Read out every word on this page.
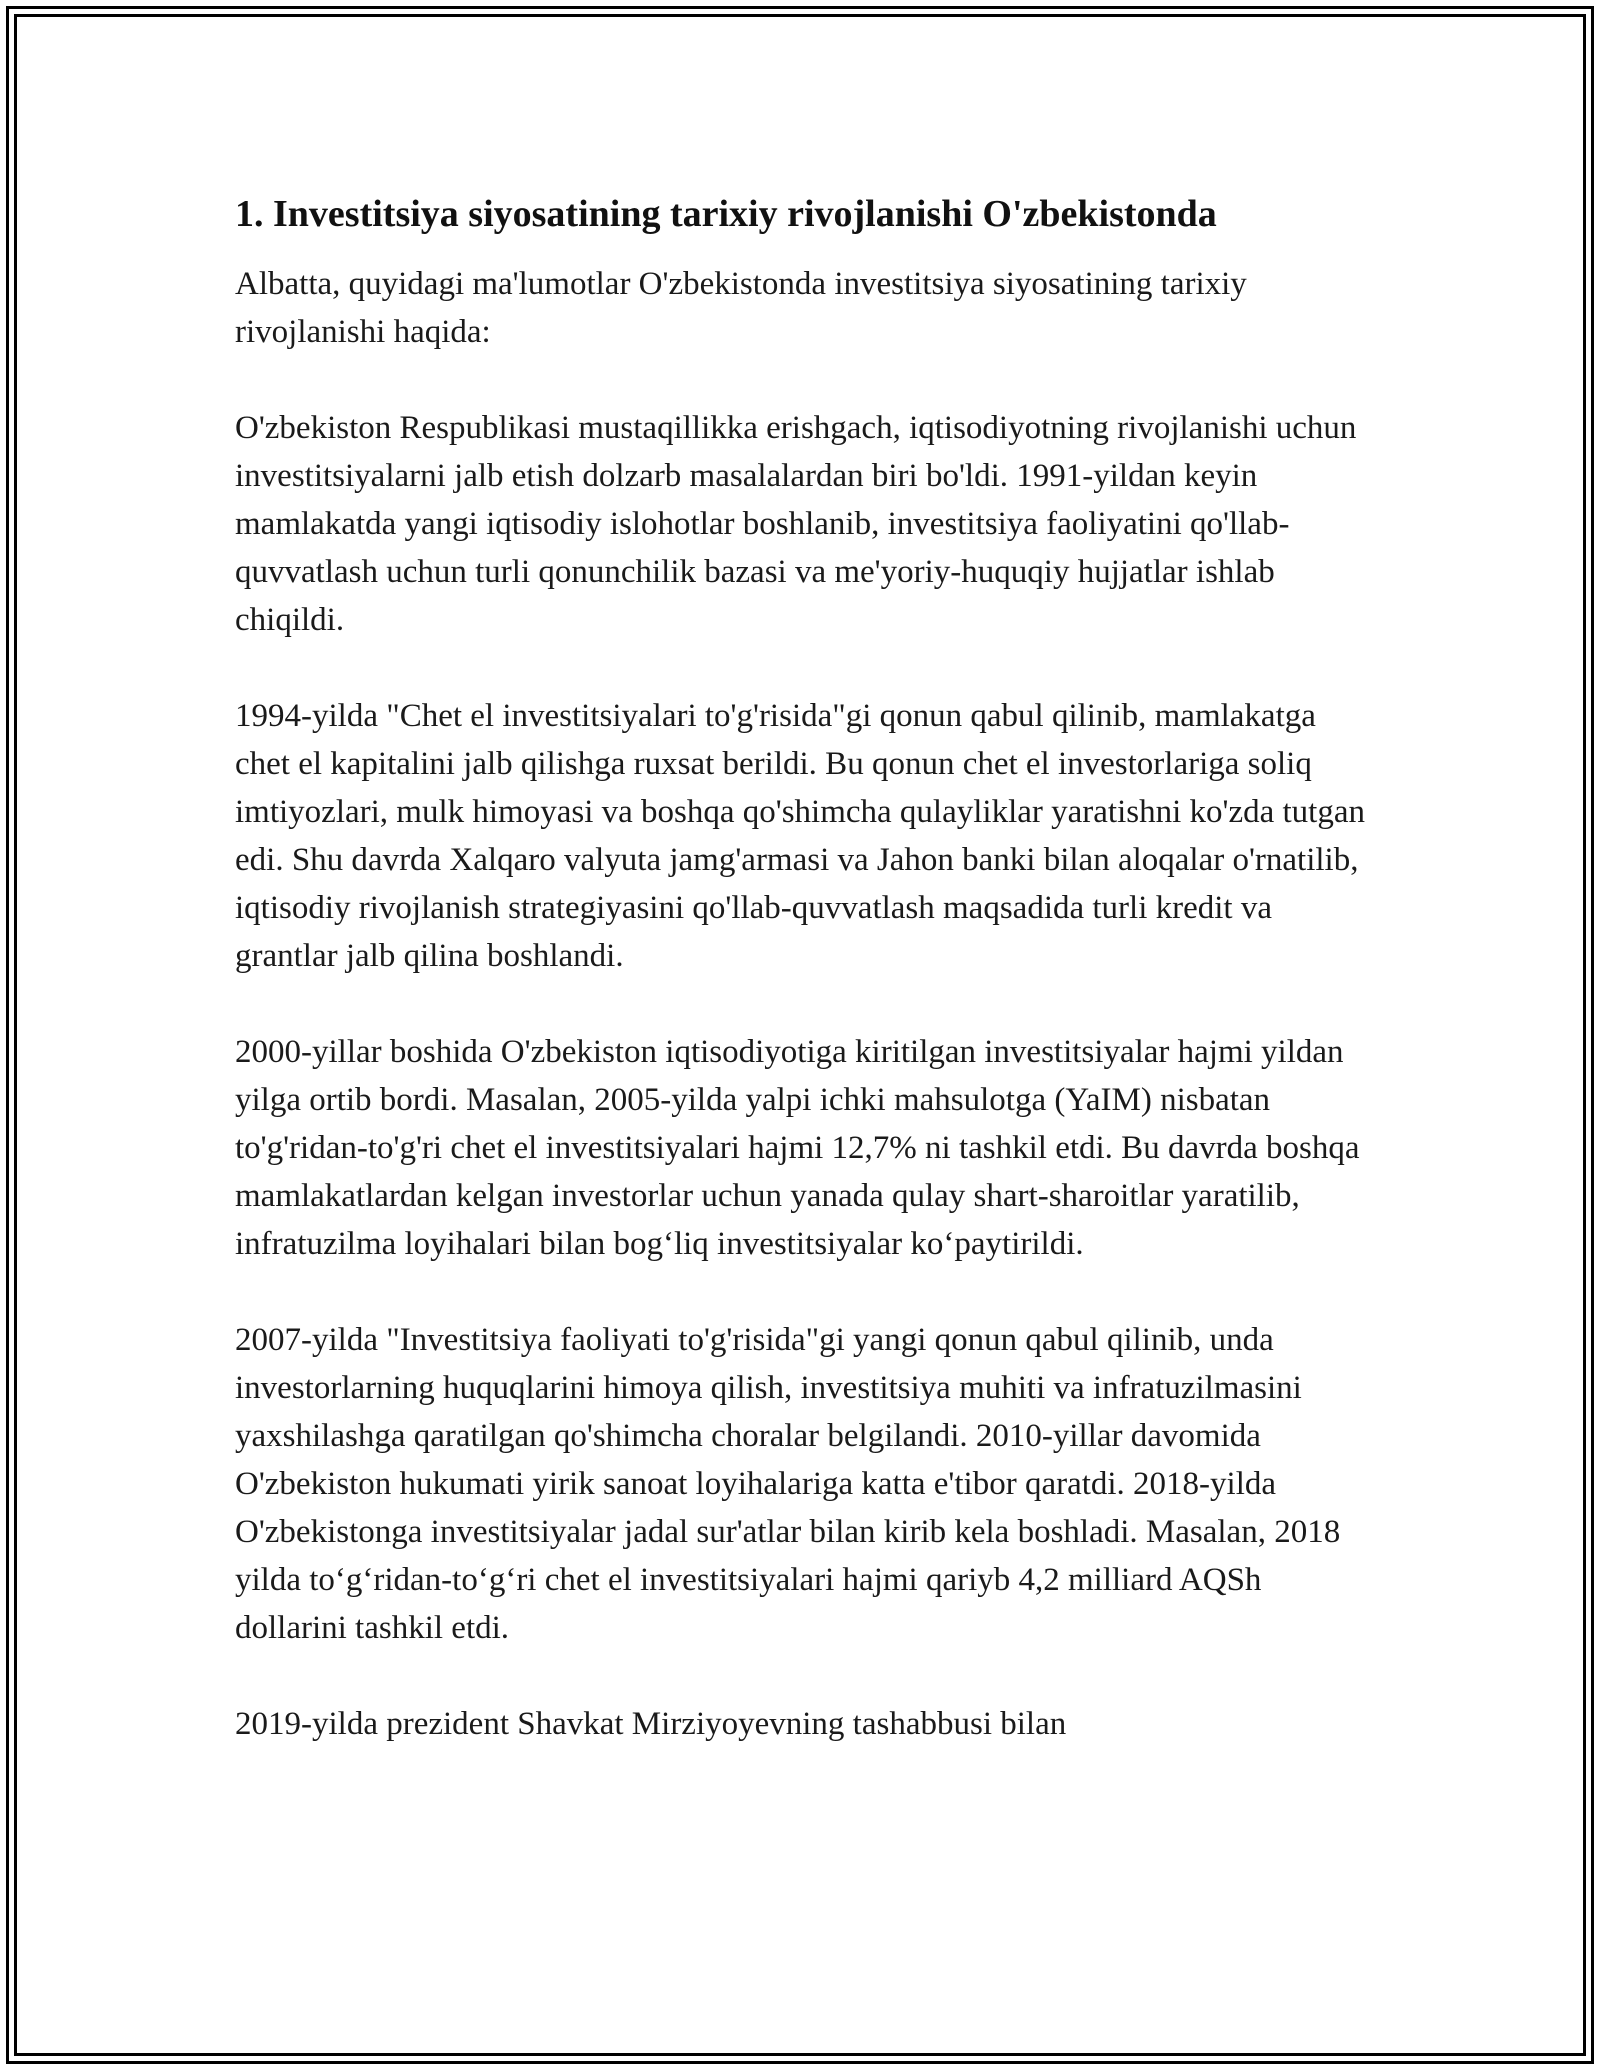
1. Investitsiya siyosatining tarixiy rivojlanishi O'zbekistonda

Albatta, quyidagi ma'lumotlar O'zbekistonda investitsiya siyosatining tarixiy rivojlanishi haqida:

O'zbekiston Respublikasi mustaqillikka erishgach, iqtisodiyotning rivojlanishi uchun investitsiyalarni jalb etish dolzarb masalalardan biri bo'ldi. 1991-yildan keyin mamlakatda yangi iqtisodiy islohotlar boshlanib, investitsiya faoliyatini qo'llab-quvvatlash uchun turli qonunchilik bazasi va me'yoriy-huquqiy hujjatlar ishlab chiqildi.

1994-yilda "Chet el investitsiyalari to'g'risida"gi qonun qabul qilinib, mamlakatga chet el kapitalini jalb qilishga ruxsat berildi. Bu qonun chet el investorlariga soliq imtiyozlari, mulk himoyasi va boshqa qo'shimcha qulayliklar yaratishni ko'zda tutgan edi. Shu davrda Xalqaro valyuta jamg'armasi va Jahon banki bilan aloqalar o'rnatilib, iqtisodiy rivojlanish strategiyasini qo'llab-quvvatlash maqsadida turli kredit va grantlar jalb qilina boshlandi.

2000-yillar boshida O'zbekiston iqtisodiyotiga kiritilgan investitsiyalar hajmi yildan yilga ortib bordi. Masalan, 2005-yilda yalpi ichki mahsulotga (YaIM) nisbatan to'g'ridan-to'g'ri chet el investitsiyalari hajmi 12,7% ni tashkil etdi. Bu davrda boshqa mamlakatlardan kelgan investorlar uchun yanada qulay shart-sharoitlar yaratilib, infratuzilma loyihalari bilan bog‘liq investitsiyalar ko‘paytirildi.

2007-yilda "Investitsiya faoliyati to'g'risida"gi yangi qonun qabul qilinib, unda investorlarning huquqlarini himoya qilish, investitsiya muhiti va infratuzilmasini yaxshilashga qaratilgan qo'shimcha choralar belgilandi. 2010-yillar davomida O'zbekiston hukumati yirik sanoat loyihalariga katta e'tibor qaratdi. 2018-yilda O'zbekistonga investitsiyalar jadal sur'atlar bilan kirib kela boshladi. Masalan, 2018 yilda to‘g‘ridan-to‘g‘ri chet el investitsiyalari hajmi qariyb 4,2 milliard AQSh dollarini tashkil etdi.

2019-yilda prezident Shavkat Mirziyoyevning tashabbusi bilan
